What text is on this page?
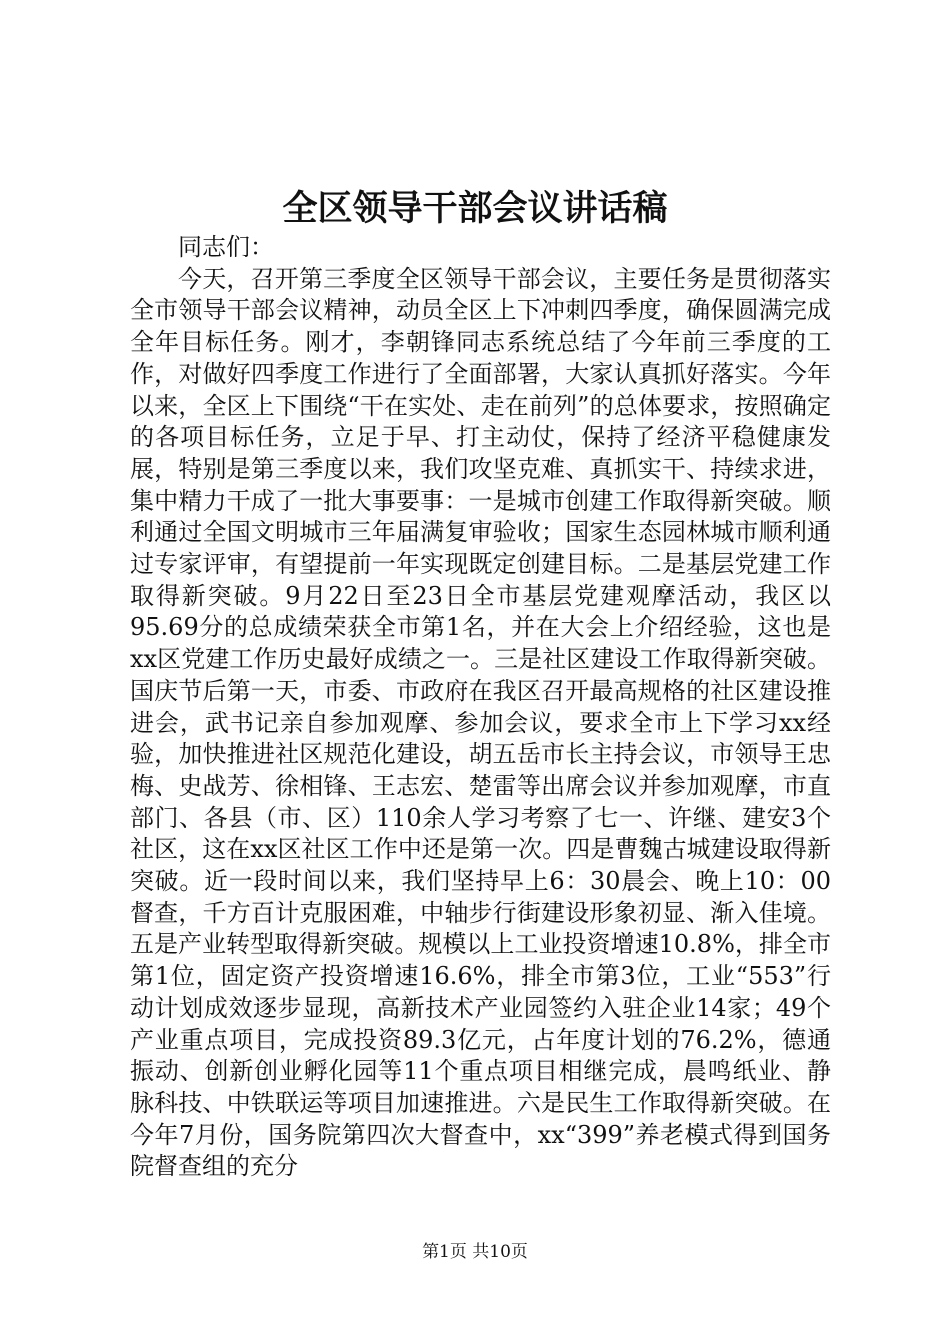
全区领导干部会议讲话稿

同志们：

今天，召开第三季度全区领导干部会议，主要任务是贯彻落实全市领导干部会议精神，动员全区上下冲刺四季度，确保圆满完成全年目标任务。刚才，李朝锋同志系统总结了今年前三季度的工作，对做好四季度工作进行了全面部署，大家认真抓好落实。今年以来，全区上下围绕“干在实处、走在前列”的总体要求，按照确定的各项目标任务，立足于早、打主动仗，保持了经济平稳健康发展，特别是第三季度以来，我们攻坚克难、真抓实干、持续求进，集中精力干成了一批大事要事：一是城市创建工作取得新突破。顺利通过全国文明城市三年届满复审验收；国家生态园林城市顺利通过专家评审，有望提前一年实现既定创建目标。二是基层党建工作取得新突破。9月22日至23日全市基层党建观摩活动，我区以95.69分的总成绩荣获全市第1名，并在大会上介绍经验，这也是xx区党建工作历史最好成绩之一。三是社区建设工作取得新突破。国庆节后第一天，市委、市政府在我区召开最高规格的社区建设推进会，武书记亲自参加观摩、参加会议，要求全市上下学习xx经验，加快推进社区规范化建设，胡五岳市长主持会议，市领导王忠梅、史战芳、徐相锋、王志宏、楚雷等出席会议并参加观摩，市直部门、各县（市、区）110余人学习考察了七一、许继、建安3个社区，这在xx区社区工作中还是第一次。四是曹魏古城建设取得新突破。近一段时间以来，我们坚持早上6：30晨会、晚上10：00督查，千方百计克服困难，中轴步行街建设形象初显、渐入佳境。五是产业转型取得新突破。规模以上工业投资增速10.8%，排全市第1位，固定资产投资增速16.6%，排全市第3位，工业“553”行动计划成效逐步显现，高新技术产业园签约入驻企业14家；49个产业重点项目，完成投资89.3亿元，占年度计划的76.2%，德通振动、创新创业孵化园等11个重点项目相继完成，晨鸣纸业、静脉科技、中铁联运等项目加速推进。六是民生工作取得新突破。在今年7月份，国务院第四次大督查中，xx“399”养老模式得到国务院督查组的充分

第1页 共10页
